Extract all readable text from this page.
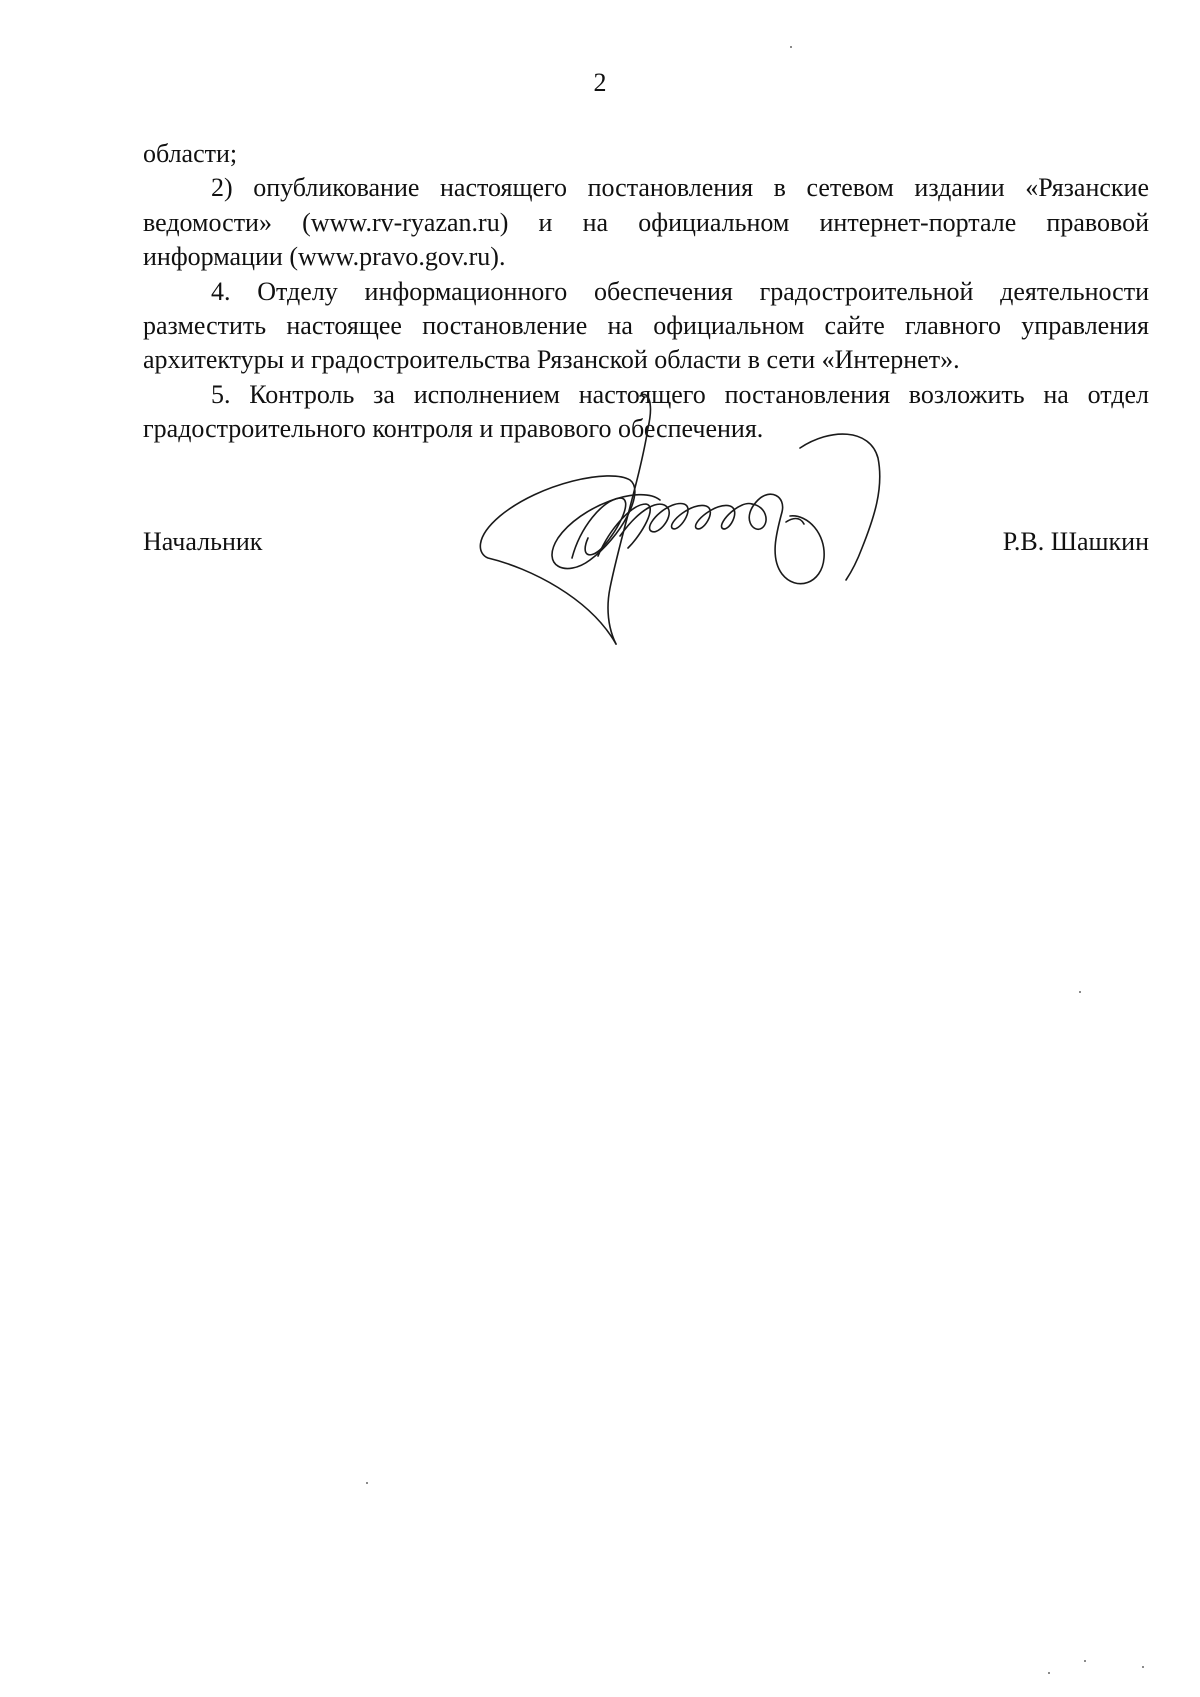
2

области;

2) опубликование настоящего постановления в сетевом издании «Рязанские ведомости» (www.rv-ryazan.ru) и на официальном интернет-портале правовой информации (www.pravo.gov.ru).

4. Отделу информационного обеспечения градостроительной деятельности разместить настоящее постановление на официальном сайте главного управления архитектуры и градостроительства Рязанской области в сети «Интернет».

5. Контроль за исполнением настоящего постановления возложить на отдел градостроительного контроля и правового обеспечения.

Начальник	Р.В. Шашкин
